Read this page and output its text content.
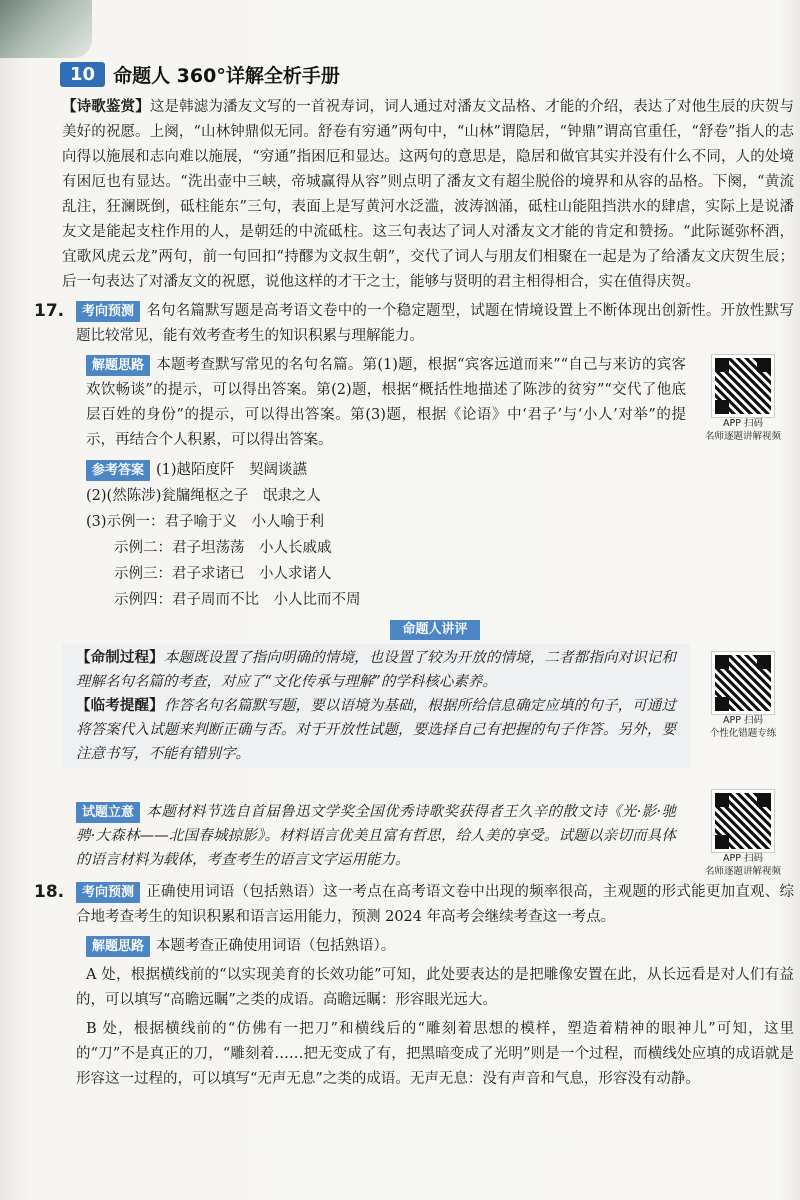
10 命题人 360°详解全析手册

【诗歌鉴赏】这是韩滤为潘友文写的一首祝寿词，词人通过对潘友文品格、才能的介绍，表达了对他生辰的庆贺与美好的祝愿。上阕，“山林钟鼎似无同。舒卷有穷通”两句中，“山林”谓隐居，“钟鼎”谓高官重任，“舒卷”指人的志向得以施展和志向难以施展，“穷通”指困厄和显达。这两句的意思是，隐居和做官其实并没有什么不同，人的处境有困厄也有显达。“洗出壶中三峡，帝城赢得从容”则点明了潘友文有超尘脱俗的境界和从容的品格。下阕，“黄流乱注，狂澜既倒，砥柱能东”三句，表面上是写黄河水泛滥，波涛汹涌，砥柱山能阻挡洪水的肆虐，实际上是说潘友文是能起支柱作用的人，是朝廷的中流砥柱。这三句表达了词人对潘友文才能的肯定和赞扬。“此际诞弥杯酒，宜歌风虎云龙”两句，前一句回扣“持醪为文叔生朝”，交代了词人与朋友们相聚在一起是为了给潘友文庆贺生辰；后一句表达了对潘友文的祝愿，说他这样的才干之士，能够与贤明的君主相得相合，实在值得庆贺。

17.	考向预测 名句名篇默写题是高考语文卷中的一个稳定题型，试题在情境设置上不断体现出创新性。开放性默写题比较常见，能有效考查考生的知识积累与理解能力。

解题思路 本题考查默写常见的名句名篇。第(1)题，根据“宾客远道而来”“自己与来访的宾客欢饮畅谈”的提示，可以得出答案。第(2)题，根据“概括性地描述了陈涉的贫穷”“交代了他底层百姓的身份”的提示，可以得出答案。第(3)题，根据《论语》中‘君子’与‘小人’对举”的提示，再结合个人积累，可以得出答案。

APP 扫码
名师逐题讲解视频

参考答案 (1)越陌度阡　契阔谈讌

(2)(然陈涉)瓮牖绳枢之子　氓隶之人

(3)示例一：君子喻于义　小人喻于利

示例二：君子坦荡荡　小人长戚戚

示例三：君子求诸已　小人求诸人

示例四：君子周而不比　小人比而不周

命题人讲评

【命制过程】本题既设置了指向明确的情境，也设置了较为开放的情境，二者都指向对识记和理解名句名篇的考查，对应了“文化传承与理解”的学科核心素养。

【临考提醒】作答名句名篇默写题，要以语境为基础，根据所给信息确定应填的句子，可通过将答案代入试题来判断正确与否。对于开放性试题，要选择自己有把握的句子作答。另外，要注意书写，不能有错别字。

APP 扫码
个性化错题专练

试题立意 本题材料节选自首届鲁迅文学奖全国优秀诗歌奖获得者王久辛的散文诗《光·影·驰骋·大森林——北国春城掠影》。材料语言优美且富有哲思，给人美的享受。试题以亲切而具体的语言材料为载体，考查考生的语言文字运用能力。	APP 扫码
名师逐题讲解视频
18.	考向预测 正确使用词语（包括熟语）这一考点在高考语文卷中出现的频率很高，主观题的形式能更加直观、综合地考查考生的知识积累和语言运用能力，预测 2024 年高考会继续考查这一考点。

解题思路 本题考查正确使用词语（包括熟语）。

A 处，根据横线前的“以实现美育的长效功能”可知，此处要表达的是把雕像安置在此，从长远看是对人们有益的，可以填写“高瞻远瞩”之类的成语。高瞻远瞩：形容眼光远大。

B 处，根据横线前的“仿佛有一把刀”和横线后的“雕刻着思想的模样，塑造着精神的眼神儿”可知，这里的“刀”不是真正的刀，“雕刻着……把无变成了有，把黑暗变成了光明”则是一个过程，而横线处应填的成语就是形容这一过程的，可以填写“无声无息”之类的成语。无声无息：没有声音和气息，形容没有动静。
